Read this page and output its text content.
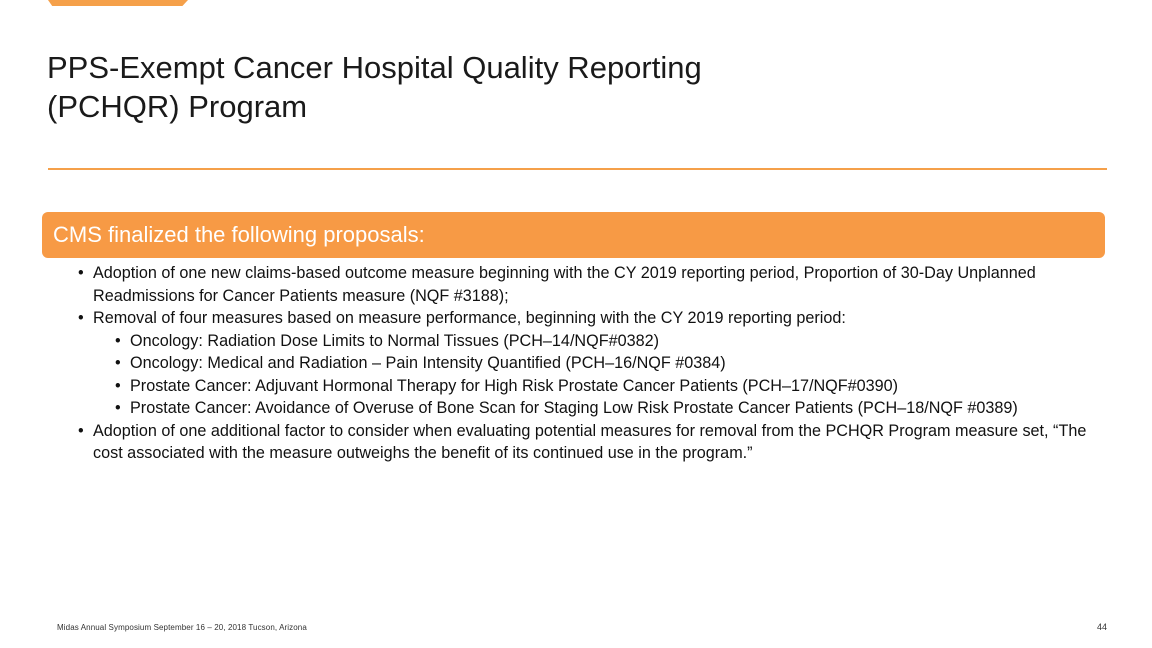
PPS-Exempt Cancer Hospital Quality Reporting
(PCHQR) Program
CMS finalized the following proposals:
• Adoption of one new claims-based outcome measure beginning with the CY 2019 reporting period, Proportion of 30-Day Unplanned Readmissions for Cancer Patients measure (NQF #3188);
• Removal of four measures based on measure performance, beginning with the CY 2019 reporting period:
• Oncology: Radiation Dose Limits to Normal Tissues (PCH–14/NQF#0382)
• Oncology: Medical and Radiation – Pain Intensity Quantified (PCH–16/NQF #0384)
• Prostate Cancer: Adjuvant Hormonal Therapy for High Risk Prostate Cancer Patients (PCH–17/NQF#0390)
• Prostate Cancer: Avoidance of Overuse of Bone Scan for Staging Low Risk Prostate Cancer Patients (PCH–18/NQF #0389)
• Adoption of one additional factor to consider when evaluating potential measures for removal from the PCHQR Program measure set, “The cost associated with the measure outweighs the benefit of its continued use in the program.”
Midas Annual Symposium September 16 – 20, 2018 Tucson, Arizona	44
